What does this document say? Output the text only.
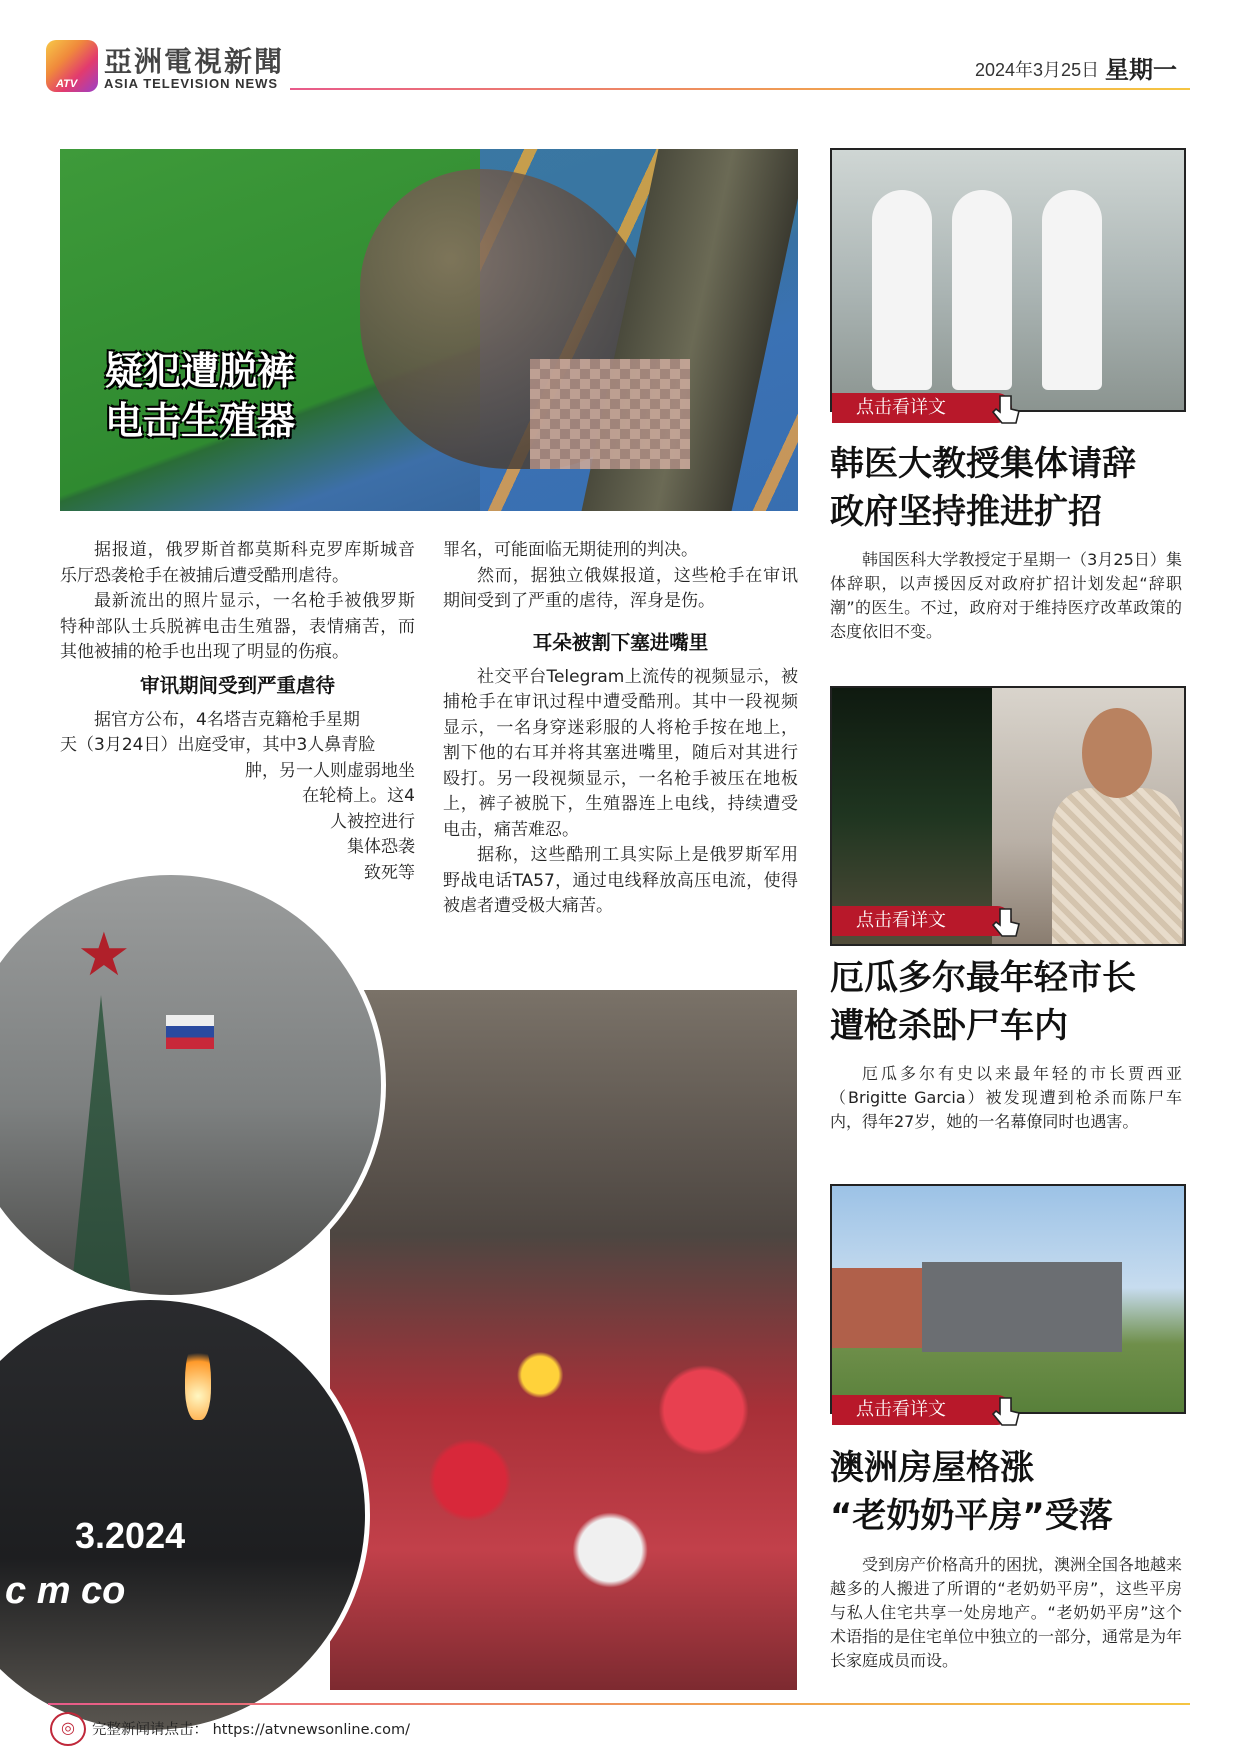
ATV
亞洲電視新聞
ASIA TELEVISION NEWS
2024年3月25日 星期一
疑犯遭脱裤
电击生殖器

据报道，俄罗斯首都莫斯科克罗库斯城音乐厅恐袭枪手在被捕后遭受酷刑虐待。

最新流出的照片显示，一名枪手被俄罗斯特种部队士兵脱裤电击生殖器，表情痛苦，而其他被捕的枪手也出现了明显的伤痕。

审讯期间受到严重虐待

据官方公布，4名塔吉克籍枪手星期

天（3月24日）出庭受审，其中3人鼻青脸
肿，另一人则虚弱地坐
在轮椅上。这4
人被控进行
集体恐袭
致死等

罪名，可能面临无期徒刑的判决。

然而，据独立俄媒报道，这些枪手在审讯期间受到了严重的虐待，浑身是伤。

耳朵被割下塞进嘴里

社交平台Telegram上流传的视频显示，被捕枪手在审讯过程中遭受酷刑。其中一段视频显示，一名身穿迷彩服的人将枪手按在地上，割下他的右耳并将其塞进嘴里，随后对其进行殴打。另一段视频显示，一名枪手被压在地板上，裤子被脱下，生殖器连上电线，持续遭受电击，痛苦难忍。

据称，这些酷刑工具实际上是俄罗斯军用野战电话TA57，通过电线释放高压电流，使得被虐者遭受极大痛苦。

★
3.2024
c m co
点击看详文
韩医大教授集体请辞
政府坚持推进扩招

韩国医科大学教授定于星期一（3月25日）集体辞职，以声援因反对政府扩招计划发起“辞职潮”的医生。不过，政府对于维持医疗改革政策的态度依旧不变。

点击看详文
厄瓜多尔最年轻市长
遭枪杀卧尸车内

厄瓜多尔有史以来最年轻的市长贾西亚（Brigitte Garcia）被发现遭到枪杀而陈尸车内，得年27岁，她的一名幕僚同时也遇害。

点击看详文
澳洲房屋格涨
“老奶奶平房”受落

受到房产价格高升的困扰，澳洲全国各地越来越多的人搬进了所谓的“老奶奶平房”，这些平房与私人住宅共享一处房地产。“老奶奶平房”这个术语指的是住宅单位中独立的一部分，通常是为年长家庭成员而设。

◎	完整新闻请点击： https://atvnewsonline.com/
